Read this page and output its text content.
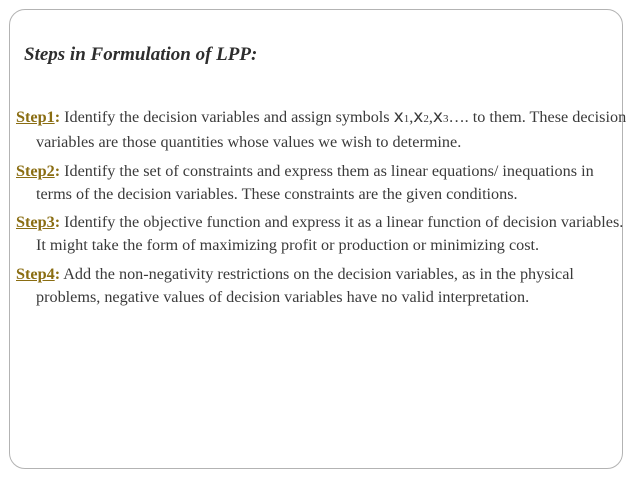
Steps in Formulation of LPP:

Step1: Identify the decision variables and assign symbols x1,x2,x3…. to them. These decision variables are those quantities whose values we wish to determine.

Step2: Identify the set of constraints and express them as linear equations/ inequations in terms of the decision variables. These constraints are the given conditions.

Step3: Identify the objective function and express it as a linear function of decision variables. It might take the form of maximizing profit or production or minimizing cost.

Step4: Add the non-negativity restrictions on the decision variables, as in the physical problems, negative values of decision variables have no valid interpretation.
